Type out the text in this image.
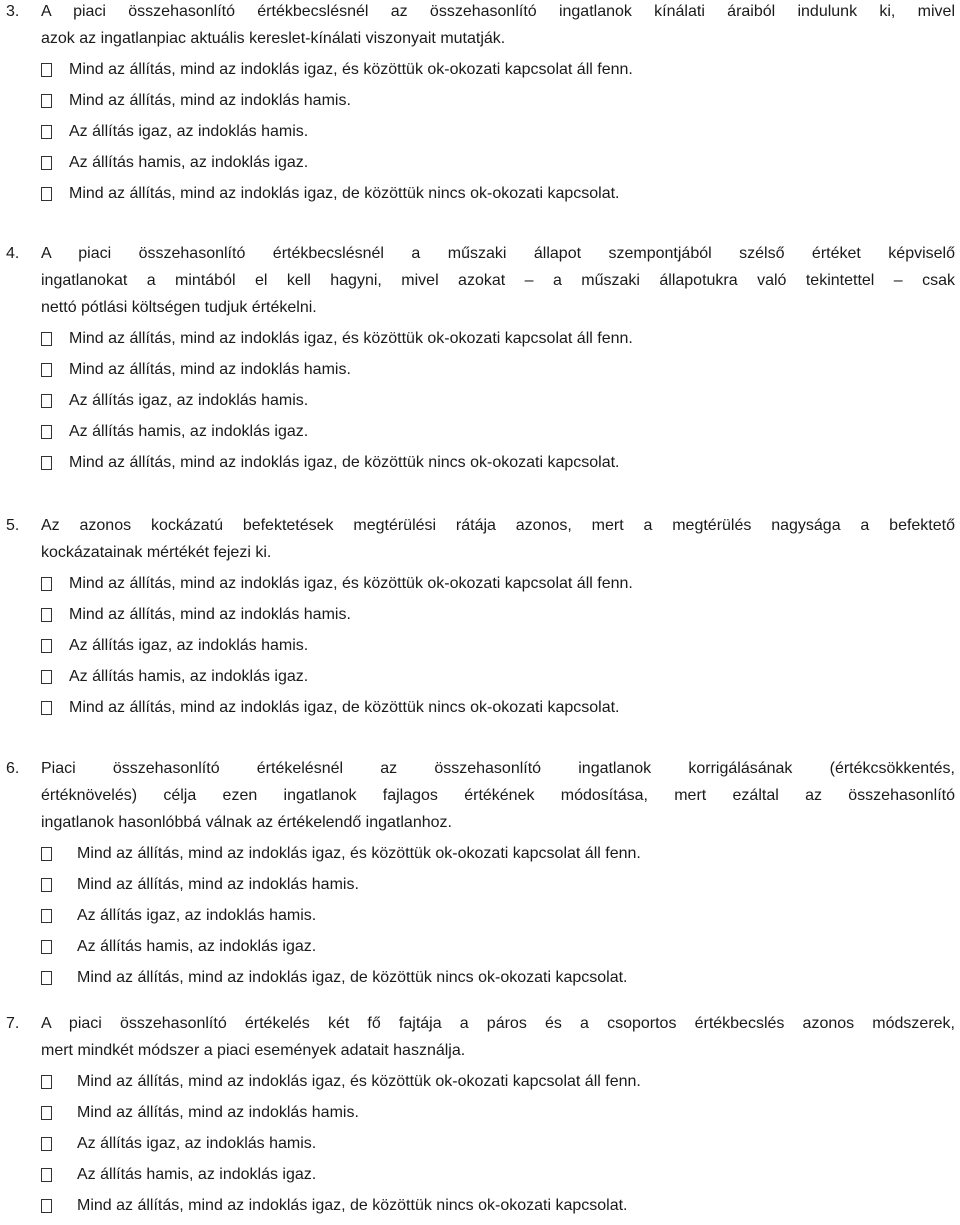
3. A piaci összehasonlító értékbecslésnél az összehasonlító ingatlanok kínálati áraiból indulunk ki, mivel
azok az ingatlanpiac aktuális kereslet-kínálati viszonyait mutatják.
Mind az állítás, mind az indoklás igaz, és közöttük ok-okozati kapcsolat áll fenn.
Mind az állítás, mind az indoklás hamis.
Az állítás igaz, az indoklás hamis.
Az állítás hamis, az indoklás igaz.
Mind az állítás, mind az indoklás igaz, de közöttük nincs ok-okozati kapcsolat.
4. A piaci összehasonlító értékbecslésnél a műszaki állapot szempontjából szélső értéket képviselő
ingatlanokat a mintából el kell hagyni, mivel azokat – a műszaki állapotukra való tekintettel – csak
nettó pótlási költségen tudjuk értékelni.
Mind az állítás, mind az indoklás igaz, és közöttük ok-okozati kapcsolat áll fenn.
Mind az állítás, mind az indoklás hamis.
Az állítás igaz, az indoklás hamis.
Az állítás hamis, az indoklás igaz.
Mind az állítás, mind az indoklás igaz, de közöttük nincs ok-okozati kapcsolat.
5. Az azonos kockázatú befektetések megtérülési rátája azonos, mert a megtérülés nagysága a befektető
kockázatainak mértékét fejezi ki.
Mind az állítás, mind az indoklás igaz, és közöttük ok-okozati kapcsolat áll fenn.
Mind az állítás, mind az indoklás hamis.
Az állítás igaz, az indoklás hamis.
Az állítás hamis, az indoklás igaz.
Mind az állítás, mind az indoklás igaz, de közöttük nincs ok-okozati kapcsolat.
6. Piaci összehasonlító értékelésnél az összehasonlító ingatlanok korrigálásának (értékcsökkentés,
értéknövelés) célja ezen ingatlanok fajlagos értékének módosítása, mert ezáltal az összehasonlító
ingatlanok hasonlóbbá válnak az értékelendő ingatlanhoz.
Mind az állítás, mind az indoklás igaz, és közöttük ok-okozati kapcsolat áll fenn.
Mind az állítás, mind az indoklás hamis.
Az állítás igaz, az indoklás hamis.
Az állítás hamis, az indoklás igaz.
Mind az állítás, mind az indoklás igaz, de közöttük nincs ok-okozati kapcsolat.
7. A piaci összehasonlító értékelés két fő fajtája a páros és a csoportos értékbecslés azonos módszerek,
mert mindkét módszer a piaci események adatait használja.
Mind az állítás, mind az indoklás igaz, és közöttük ok-okozati kapcsolat áll fenn.
Mind az állítás, mind az indoklás hamis.
Az állítás igaz, az indoklás hamis.
Az állítás hamis, az indoklás igaz.
Mind az állítás, mind az indoklás igaz, de közöttük nincs ok-okozati kapcsolat.
